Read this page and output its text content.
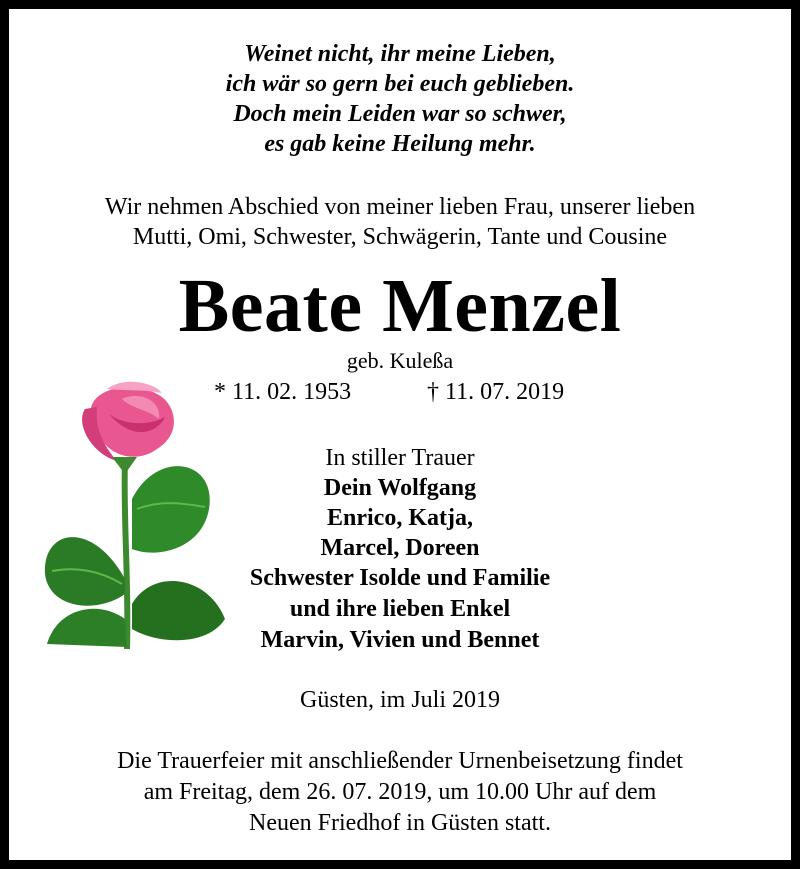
Weinet nicht, ihr meine Lieben,
ich wär so gern bei euch geblieben.
Doch mein Leiden war so schwer,
es gab keine Heilung mehr.
Wir nehmen Abschied von meiner lieben Frau, unserer lieben
Mutti, Omi, Schwester, Schwägerin, Tante und Cousine
Beate Menzel
geb. Kuleßa
* 11. 02. 1953	† 11. 07. 2019
In stiller Trauer
Dein Wolfgang
Enrico, Katja,
Marcel, Doreen
Schwester Isolde und Familie
und ihre lieben Enkel
Marvin, Vivien und Bennet
Güsten, im Juli 2019
Die Trauerfeier mit anschließender Urnenbeisetzung findet
am Freitag, dem 26. 07. 2019, um 10.00 Uhr auf dem
Neuen Friedhof in Güsten statt.
